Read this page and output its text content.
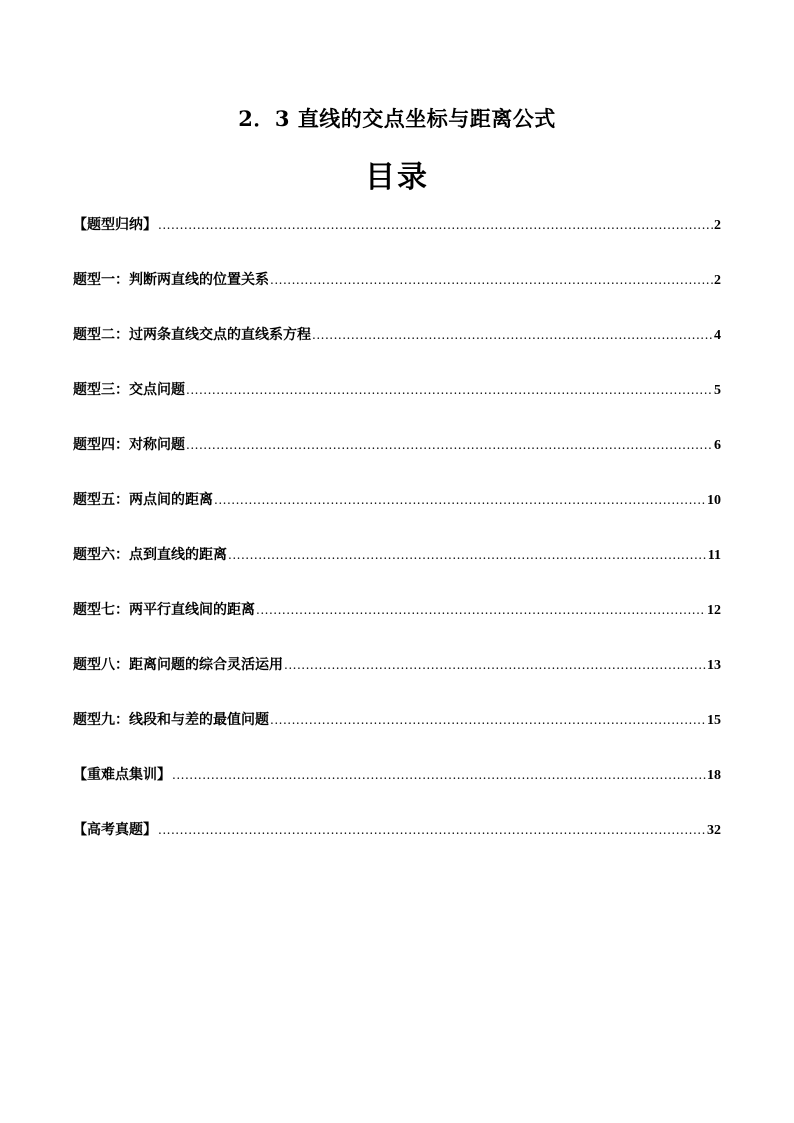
2．3 直线的交点坐标与距离公式
目录
【题型归纳】 .....	2
题型一：判断两直线的位置关系 .....	2
题型二：过两条直线交点的直线系方程 .....	4
题型三：交点问题 .....	5
题型四：对称问题 .....	6
题型五：两点间的距离 .....	10
题型六：点到直线的距离 .....	11
题型七：两平行直线间的距离 .....	12
题型八：距离问题的综合灵活运用 .....	13
题型九：线段和与差的最值问题 .....	15
【重难点集训】 .....	18
【高考真题】 .....	32
